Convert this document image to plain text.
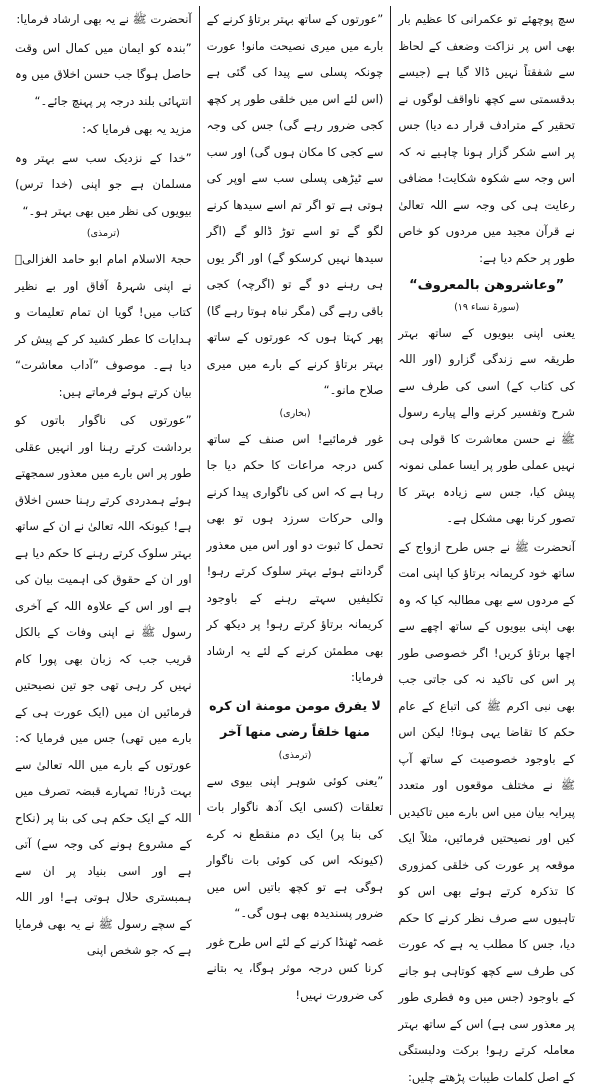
سچ پوچھئے تو عکمرانی کا عظیم بار بھی اس پر نزاکت وضعف کے لحاظ سے شفقتاً نہیں ڈالا گیا ہے (جیسے بدقسمتی سے کچھ ناواقف لوگوں نے تحقیر کے مترادف قرار دے دیا) جس پر اسے شکر گزار ہونا چاہیے نہ کہ اس وجہ سے شکوہ شکایت! مضافی رعایت ہی کی وجہ سے اللہ تعالیٰ نے قرآن مجید میں مردوں کو خاص طور پر حکم دیا ہے:

”وعاشروهن بالمعروف“

(سورۃ نساء ۱۹)

یعنی اپنی بیویوں کے ساتھ بہتر طریقہ سے زندگی گزارو (اور اللہ کی کتاب کے) اسی کی طرف سے شرح وتفسیر کرنے والے پیارے رسول ﷺ نے حسن معاشرت کا قولی ہی نہیں عملی طور پر ایسا عملی نمونہ پیش کیا، جس سے زیادہ بہتر کا تصور کرنا بھی مشکل ہے۔

آنحضرت ﷺ نے جس طرح ازواج کے ساتھ خود کریمانہ برتاؤ کیا اپنی امت کے مردوں سے بھی مطالبہ کیا کہ وہ بھی اپنی بیویوں کے ساتھ اچھے سے اچھا برتاؤ کریں! اگر خصوصی طور پر اس کی تاکید نہ کی جاتی جب بھی نبی اکرم ﷺ کی اتباع کے عام حکم کا تقاضا یہی ہوتا! لیکن اس کے باوجود خصوصیت کے ساتھ آپ ﷺ نے مختلف موقعوں اور متعدد پیرایہ بیان میں اس بارے میں تاکیدیں کیں اور نصیحتیں فرمائیں، مثلاً ایک موقعہ پر عورت کی خلقی کمزوری کا تذکرہ کرتے ہوئے بھی اس کو تاہیوں سے صرف نظر کرنے کا حکم دیا، جس کا مطلب یہ ہے کہ عورت کی طرف سے کچھ کوتاہی ہو جانے کے باوجود (جس میں وہ فطری طور پر معذور سی ہے) اس کے ساتھ بہتر معاملہ کرتے رہو! برکت ودلبستگی کے اصل کلمات طیبات پڑھتے چلیں:

”عورتوں کے ساتھ بہتر برتاؤ کرنے کے بارے میں میری نصیحت مانو! عورت چونکہ پسلی سے پیدا کی گئی ہے (اس لئے اس میں خلقی طور پر کچھ کجی ضرور رہے گی) جس کی وجہ سے کجی کا مکان ہوں گی) اور سب سے ٹیڑھی پسلی سب سے اوپر کی ہوتی ہے تو اگر تم اسے سیدھا کرنے لگو گے تو اسے توڑ ڈالو گے (اگر سیدھا نہیں کرسکو گے) اور اگر یوں ہی رہنے دو گے تو (اگرچہ) کجی باقی رہے گی (مگر نباہ ہوتا رہے گا) پھر کہتا ہوں کہ عورتوں کے ساتھ بہتر برتاؤ کرنے کے بارے میں میری صلاح مانو۔“

(بخاری)

غور فرمائیے! اس صنف کے ساتھ کس درجہ مراعات کا حکم دیا جا رہا ہے کہ اس کی ناگواری پیدا کرنے والی حرکات سرزد ہوں تو بھی تحمل کا ثبوت دو اور اس میں معذور گردانتے ہوئے بہتر سلوک کرتے رہو! تکلیفیں سہتے رہنے کے باوجود کریمانہ برتاؤ کرتے رہو! پر دیکھ کر بھی مطمئن کرنے کے لئے یہ ارشاد فرمایا:

لا يفرق مومن مومنة ان كره منها خلقاً رضى منها آخر

(ترمذی)

”یعنی کوئی شوہر اپنی بیوی سے تعلقات (کسی ایک آدھ ناگوار بات کی بنا پر) ایک دم منقطع نہ کرے (کیونکہ اس کی کوئی بات ناگوار ہوگی ہے تو کچھ باتیں اس میں ضرور پسندیدہ بھی ہوں گی۔“

غصہ ٹھنڈا کرنے کے لئے اس طرح غور کرنا کس درجہ موثر ہوگا، یہ بتانے کی ضرورت نہیں!

آنحضرت ﷺ نے یہ بھی ارشاد فرمایا:

”بندہ کو ایمان میں کمال اس وقت حاصل ہوگا جب حسن اخلاق میں وہ انتہائی بلند درجہ پر پہنچ جائے۔“

مزید یہ بھی فرمایا کہ:

”خدا کے نزدیک سب سے بہتر وہ مسلمان ہے جو اپنی (خدا ترس) بیویوں کی نظر میں بھی بہتر ہو۔“

(ترمذی)

حجۃ الاسلام امام ابو حامد الغزالیؒ نے اپنی شہرۂ آفاق اور بے نظیر کتاب میں! گویا ان تمام تعلیمات و ہدایات کا عطر کشید کر کے پیش کر دیا ہے۔ موصوف ”آداب معاشرت“ بیان کرتے ہوئے فرماتے ہیں:

”عورتوں کی ناگوار باتوں کو برداشت کرتے رہنا اور انہیں عقلی طور پر اس بارے میں معذور سمجھتے ہوئے ہمدردی کرتے رہنا حسن اخلاق ہے! کیونکہ اللہ تعالیٰ نے ان کے ساتھ بہتر سلوک کرتے رہنے کا حکم دیا ہے اور ان کے حقوق کی اہمیت بیان کی ہے اور اس کے علاوہ اللہ کے آخری رسول ﷺ نے اپنی وفات کے بالکل قریب جب کہ زبان بھی پورا کام نہیں کر رہی تھی جو تین نصیحتیں فرمائیں ان میں (ایک عورت ہی کے بارے میں تھی) جس میں فرمایا کہ: عورتوں کے بارے میں اللہ تعالیٰ سے بہت ڈرنا! تمہارے قبضہ تصرف میں اللہ کے ایک حکم ہی کی بنا پر (نکاح کے مشروع ہونے کی وجہ سے) آتی ہے اور اسی بنیاد پر ان سے ہمبستری حلال ہوتی ہے! اور اللہ کے سچے رسول ﷺ نے یہ بھی فرمایا ہے کہ جو شخص اپنی
